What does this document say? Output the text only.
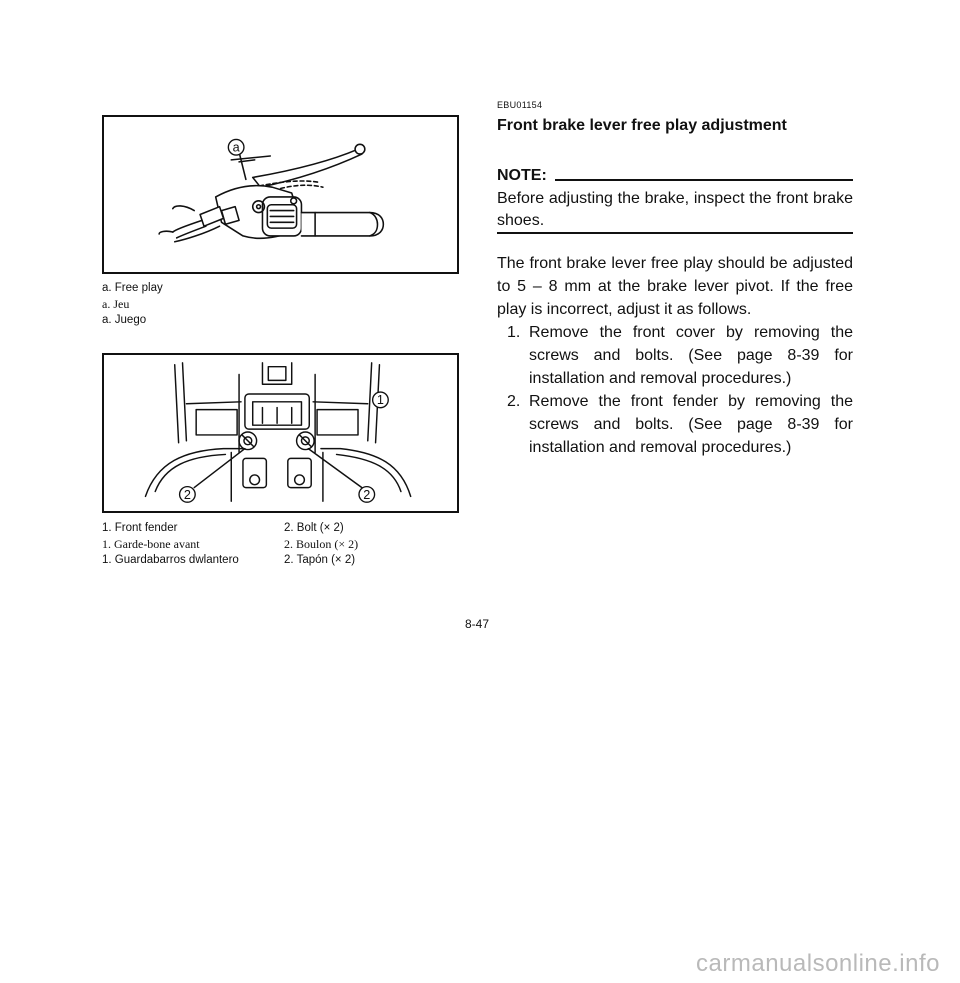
a
a. Free play
a. Jeu
a. Juego
1
2	2
1. Front fender	2. Bolt (× 2)
1. Garde-bone avant	2. Boulon (× 2)
1. Guardabarros dwlantero	2. Tapón (× 2)
EBU01154
Front brake lever free play adjustment
NOTE:
Before adjusting the brake, inspect the front brake shoes.
The front brake lever free play should be adjusted to 5 – 8 mm at the brake lever pivot. If the free play is incorrect, adjust it as follows.
1. Remove the front cover by removing the screws and bolts. (See page 8-39 for installation and removal procedures.)
2. Remove the front fender by removing the screws and bolts. (See page 8-39 for installation and removal procedures.)
8-47
carmanualsonline.info
